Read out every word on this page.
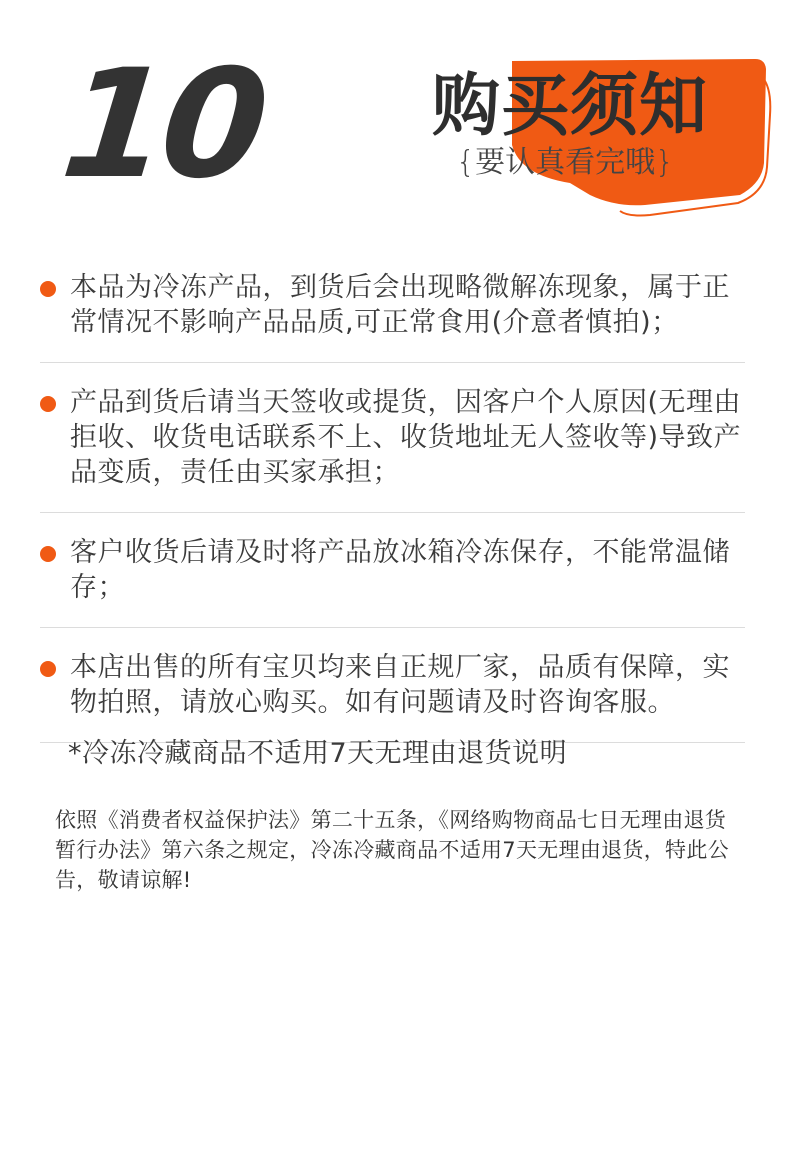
10 购买须知
{要认真看完哦}
本品为冷冻产品，到货后会出现略微解冻现象，属于正常情况不影响产品品质,可正常食用(介意者慎拍)；
产品到货后请当天签收或提货，因客户个人原因(无理由拒收、收货电话联系不上、收货地址无人签收等)导致产品变质，责任由买家承担；
客户收货后请及时将产品放冰箱冷冻保存，不能常温储存；
本店出售的所有宝贝均来自正规厂家，品质有保障，实物拍照，请放心购买。如有问题请及时咨询客服。
*冷冻冷藏商品不适用7天无理由退货说明
依照《消费者权益保护法》第二十五条，《网络购物商品七日无理由退货暂行办法》第六条之规定，冷冻冷藏商品不适用7天无理由退货，特此公告，敬请谅解!
